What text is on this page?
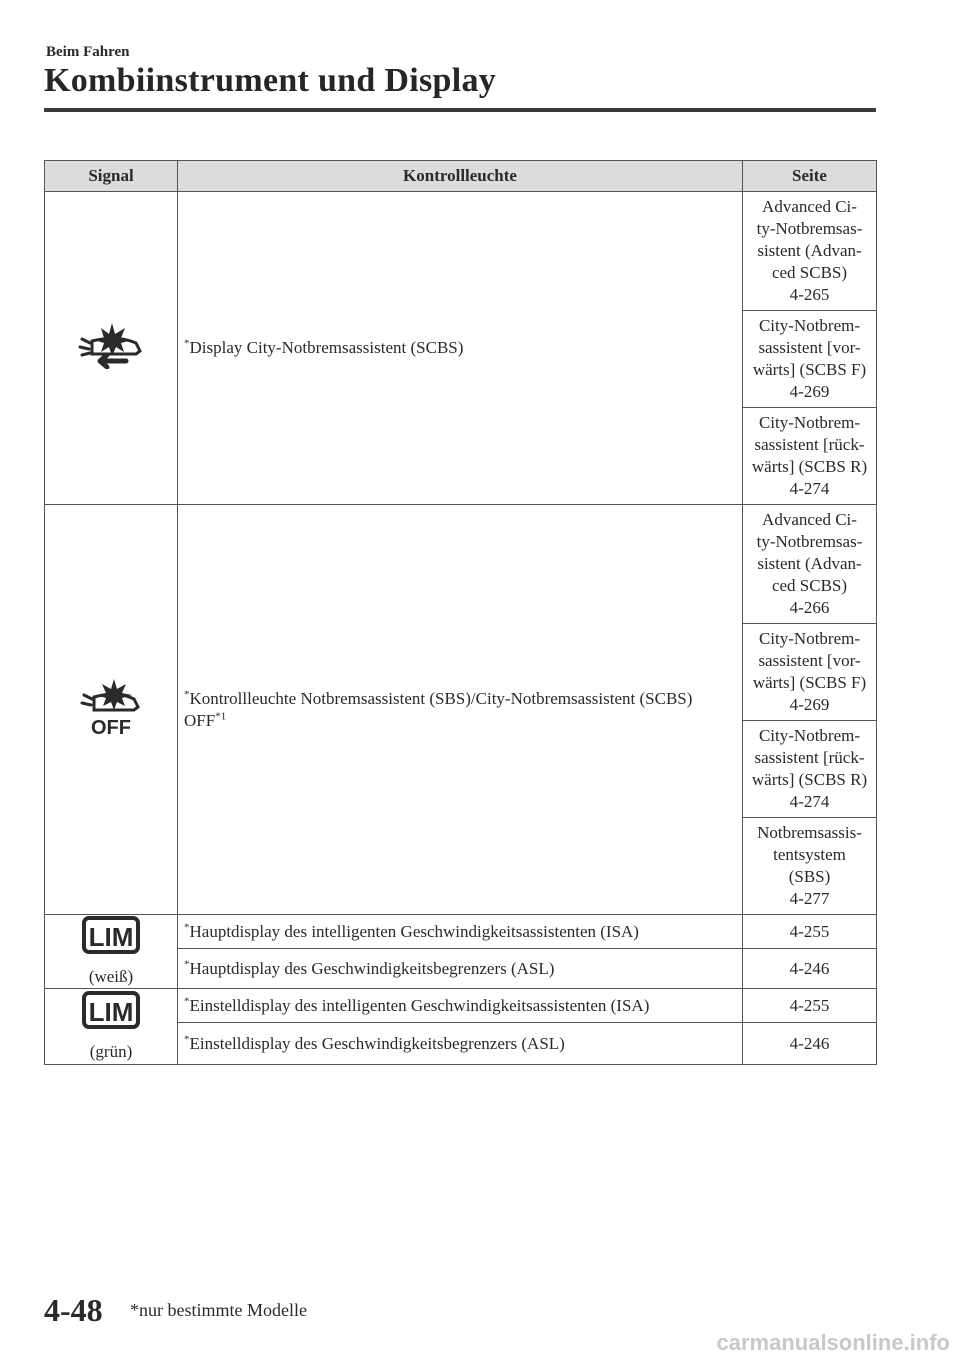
Beim Fahren
Kombiinstrument und Display
Signal	Kontrollleuchte	Seite
	*Display City-Notbremsassistent (SCBS)	Advanced Ci-
ty-Notbremsas-
sistent (Advan-
ced SCBS)
4-265

		City-Notbrem-
sassistent [vor-
wärts] (SCBS F)
4-269

		City-Notbrem-
sassistent [rück-
wärts] (SCBS R)
4-274

OFF	*Kontrollleuchte Notbremsassistent (SBS)/City-Notbremsassistent (SCBS) OFF$^{*1}$	Advanced Ci-
ty-Notbremsas-
sistent (Advan-
ced SCBS)
4-266

		City-Notbrem-
sassistent [vor-
wärts] (SCBS F)
4-269

		City-Notbrem-
sassistent [rück-
wärts] (SCBS R)
4-274

		Notbremsassis-
tentsystem
(SBS)
4-277

LIM
(weiß)	*Hauptdisplay des intelligenten Geschwindigkeitsassistenten (ISA)	4-255

	*Hauptdisplay des Geschwindigkeitsbegrenzers (ASL)	4-246

LIM
(grün)	*Einstelldisplay des intelligenten Geschwindigkeitsassistenten (ISA)	4-255

	*Einstelldisplay des Geschwindigkeitsbegrenzers (ASL)	4-246
4-48 *nur bestimmte Modelle
carmanualsonline.info
